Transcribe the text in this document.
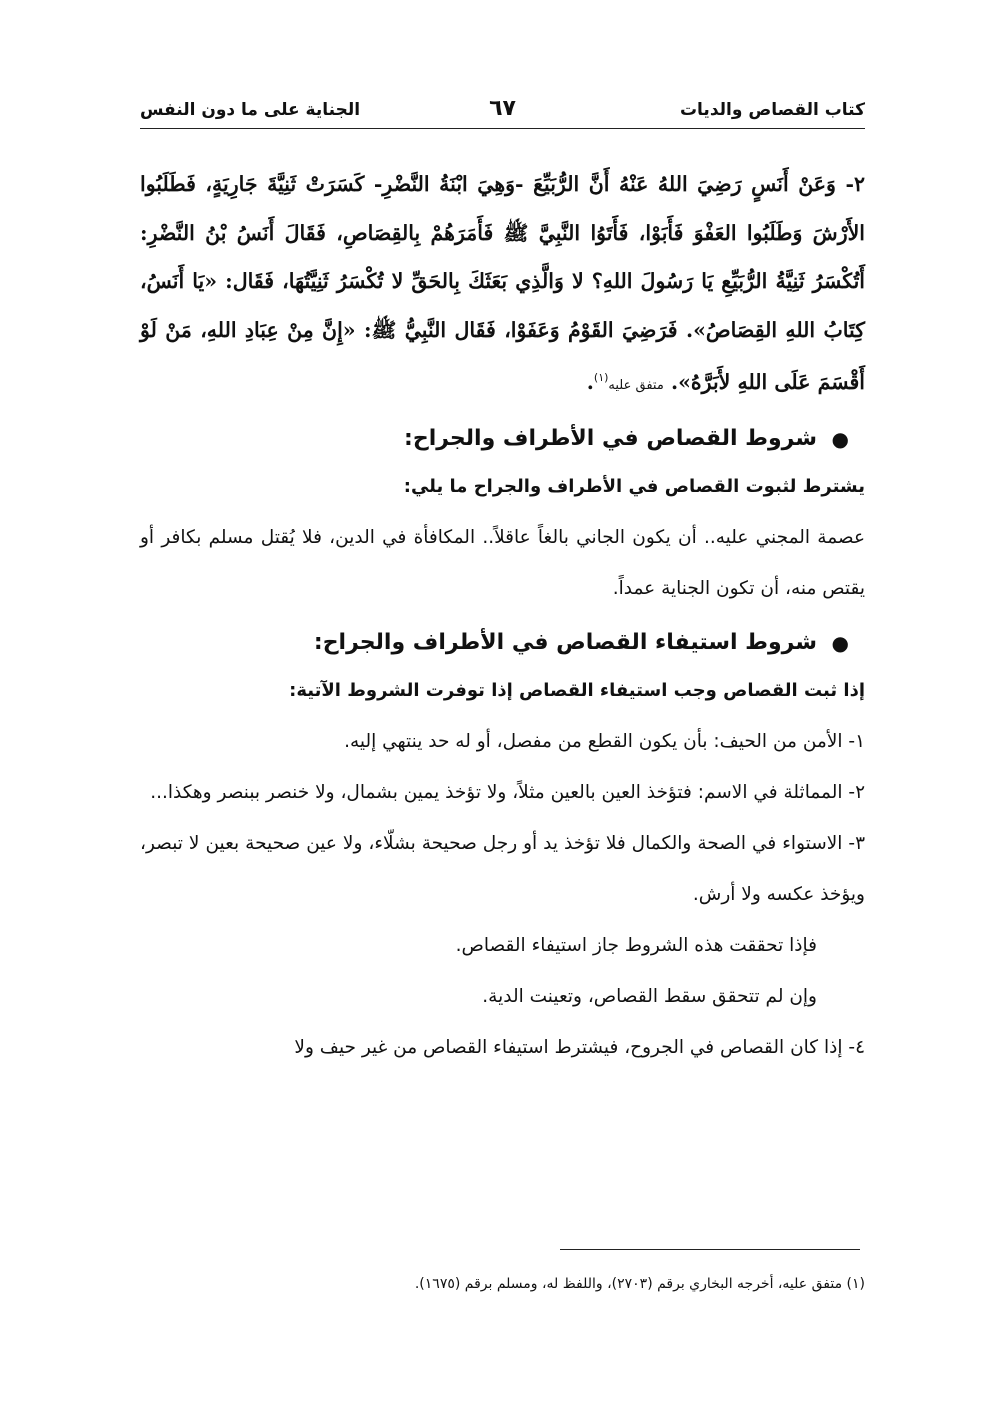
كتاب القصاص والديات
٦٧
الجناية على ما دون النفس

٢- وَعَنْ أَنَسٍ رَضِيَ اللهُ عَنْهُ أَنَّ الرُّبَيِّعَ -وَهِيَ ابْنَةُ النَّضْرِ- كَسَرَتْ ثَنِيَّةَ جَارِيَةٍ، فَطَلَبُوا الأَرْشَ وَطَلَبُوا العَفْوَ فَأَبَوْا، فَأَتَوُا النَّبِيَّ ﷺ فَأَمَرَهُمْ بِالقِصَاصِ، فَقَالَ أَنَسُ بْنُ النَّضْرِ: أَتُكْسَرُ ثَنِيَّةُ الرُّبَيِّعِ يَا رَسُولَ اللهِ؟ لا وَالَّذِي بَعَثَكَ بِالحَقِّ لا تُكْسَرُ ثَنِيَّتُهَا، فَقَال: «يَا أَنَسُ، كِتَابُ اللهِ القِصَاصُ». فَرَضِيَ القَوْمُ وَعَفَوْا، فَقَال النَّبِيُّ ﷺ: «إِنَّ مِنْ عِبَادِ اللهِ، مَنْ لَوْ أَقْسَمَ عَلَى اللهِ لأَبَرَّهُ». متفق عليه$^{(١)}$.

●
شروط القصاص في الأطراف والجراح:

يشترط لثبوت القصاص في الأطراف والجراح ما يلي:

عصمة المجني عليه.. أن يكون الجاني بالغاً عاقلاً.. المكافأة في الدين، فلا يُقتل مسلم بكافر أو يقتص منه، أن تكون الجناية عمداً.

●
شروط استيفاء القصاص في الأطراف والجراح:

إذا ثبت القصاص وجب استيفاء القصاص إذا توفرت الشروط الآتية:

١- الأمن من الحيف: بأن يكون القطع من مفصل، أو له حد ينتهي إليه.

٢- المماثلة في الاسم: فتؤخذ العين بالعين مثلاً، ولا تؤخذ يمين بشمال، ولا خنصر ببنصر وهكذا...

٣- الاستواء في الصحة والكمال فلا تؤخذ يد أو رجل صحيحة بشلّاء، ولا عين صحيحة بعين لا تبصر، ويؤخذ عكسه ولا أرش.

فإذا تحققت هذه الشروط جاز استيفاء القصاص.

وإن لم تتحقق سقط القصاص، وتعينت الدية.

٤- إذا كان القصاص في الجروح، فيشترط استيفاء القصاص من غير حيف ولا

(١) متفق عليه، أخرجه البخاري برقم (٢٧٠٣)، واللفظ له، ومسلم برقم (١٦٧٥).
